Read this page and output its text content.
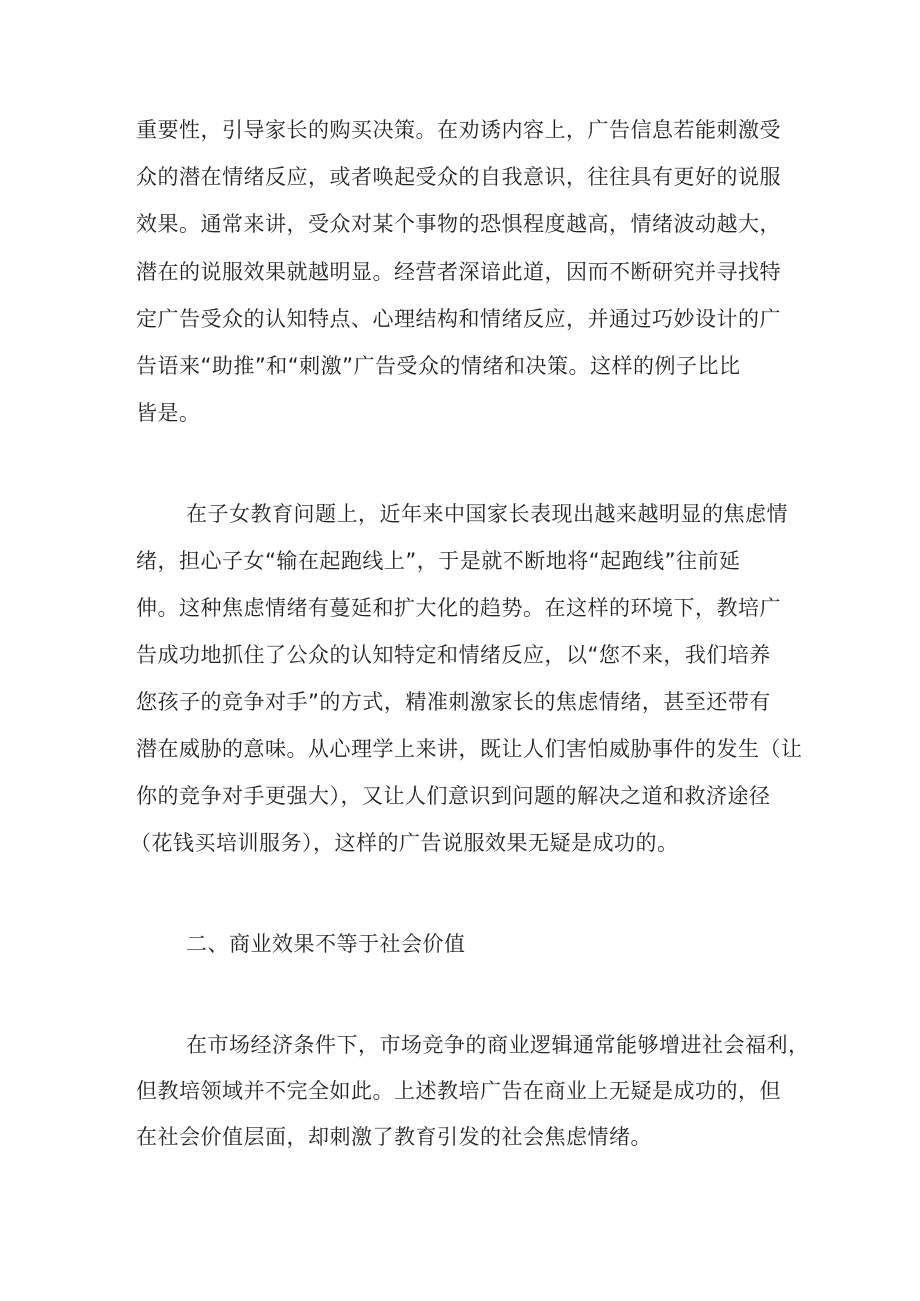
重要性，引导家长的购买决策。在劝诱内容上，广告信息若能刺激受
众的潜在情绪反应，或者唤起受众的自我意识，往往具有更好的说服
效果。通常来讲，受众对某个事物的恐惧程度越高，情绪波动越大，
潜在的说服效果就越明显。经营者深谙此道，因而不断研究并寻找特
定广告受众的认知特点、心理结构和情绪反应，并通过巧妙设计的广
告语来“助推”和“刺激”广告受众的情绪和决策。这样的例子比比
皆是。
在子女教育问题上，近年来中国家长表现出越来越明显的焦虑情
绪，担心子女“输在起跑线上”，于是就不断地将“起跑线”往前延
伸。这种焦虑情绪有蔓延和扩大化的趋势。在这样的环境下，教培广
告成功地抓住了公众的认知特定和情绪反应，以“您不来，我们培养
您孩子的竞争对手”的方式，精准刺激家长的焦虑情绪，甚至还带有
潜在威胁的意味。从心理学上来讲，既让人们害怕威胁事件的发生（让
你的竞争对手更强大），又让人们意识到问题的解决之道和救济途径
（花钱买培训服务），这样的广告说服效果无疑是成功的。
二、商业效果不等于社会价值
在市场经济条件下，市场竞争的商业逻辑通常能够增进社会福利，
但教培领域并不完全如此。上述教培广告在商业上无疑是成功的，但
在社会价值层面，却刺激了教育引发的社会焦虑情绪。
